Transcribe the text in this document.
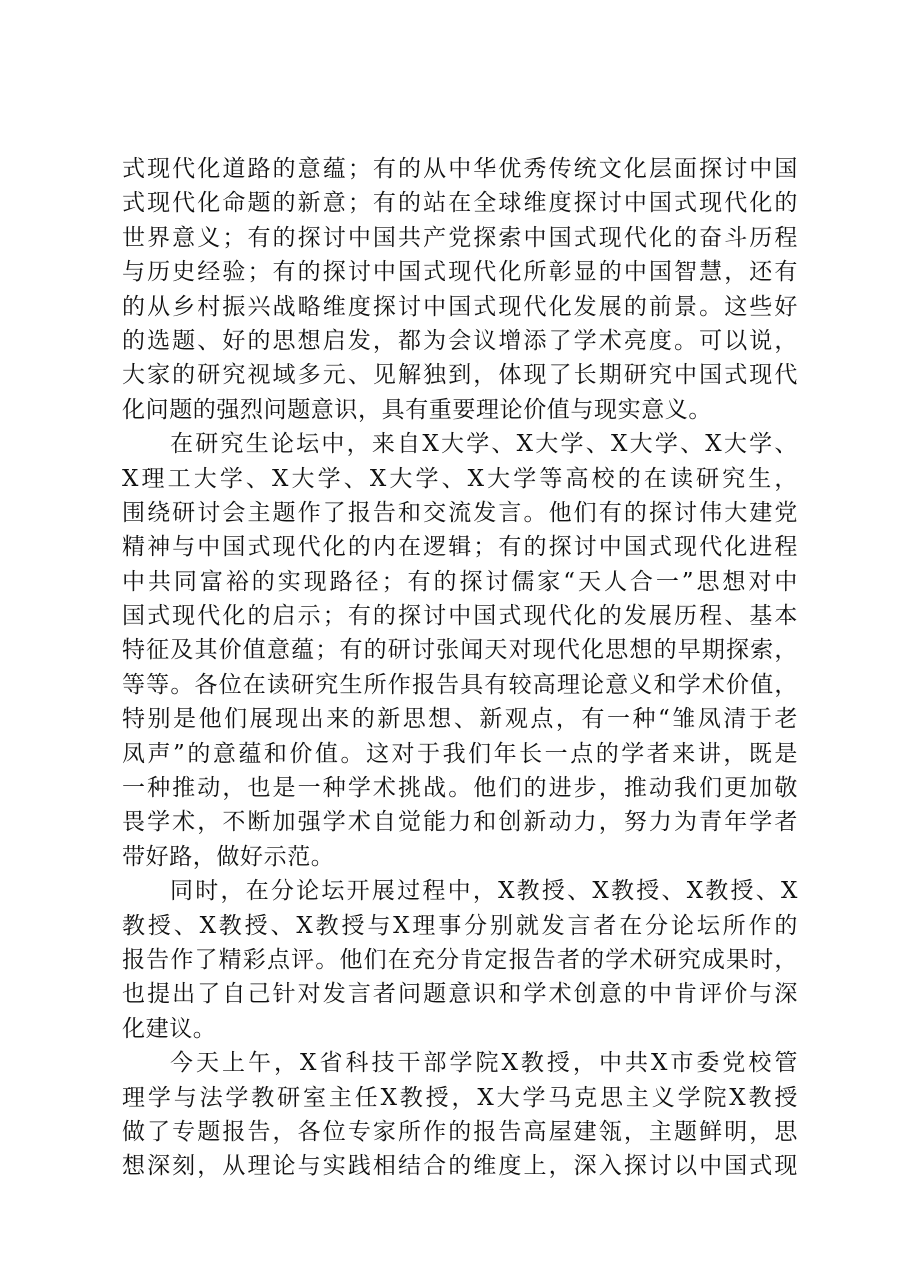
式现代化道路的意蕴；有的从中华优秀传统文化层面探讨中国
式现代化命题的新意；有的站在全球维度探讨中国式现代化的
世界意义；有的探讨中国共产党探索中国式现代化的奋斗历程
与历史经验；有的探讨中国式现代化所彰显的中国智慧，还有
的从乡村振兴战略维度探讨中国式现代化发展的前景。这些好
的选题、好的思想启发，都为会议增添了学术亮度。可以说，
大家的研究视域多元、见解独到，体现了长期研究中国式现代
化问题的强烈问题意识，具有重要理论价值与现实意义。
在研究生论坛中，来自X大学、X大学、X大学、X大学、
X理工大学、X大学、X大学、X大学等高校的在读研究生，
围绕研讨会主题作了报告和交流发言。他们有的探讨伟大建党
精神与中国式现代化的内在逻辑；有的探讨中国式现代化进程
中共同富裕的实现路径；有的探讨儒家“天人合一”思想对中
国式现代化的启示；有的探讨中国式现代化的发展历程、基本
特征及其价值意蕴；有的研讨张闻天对现代化思想的早期探索，
等等。各位在读研究生所作报告具有较高理论意义和学术价值，
特别是他们展现出来的新思想、新观点，有一种“雏凤清于老
凤声”的意蕴和价值。这对于我们年长一点的学者来讲，既是
一种推动，也是一种学术挑战。他们的进步，推动我们更加敬
畏学术，不断加强学术自觉能力和创新动力，努力为青年学者
带好路，做好示范。
同时，在分论坛开展过程中，X教授、X教授、X教授、X
教授、X教授、X教授与X理事分别就发言者在分论坛所作的
报告作了精彩点评。他们在充分肯定报告者的学术研究成果时，
也提出了自己针对发言者问题意识和学术创意的中肯评价与深
化建议。
今天上午，X省科技干部学院X教授，中共X市委党校管
理学与法学教研室主任X教授，X大学马克思主义学院X教授
做了专题报告，各位专家所作的报告高屋建瓴，主题鲜明，思
想深刻，从理论与实践相结合的维度上，深入探讨以中国式现
